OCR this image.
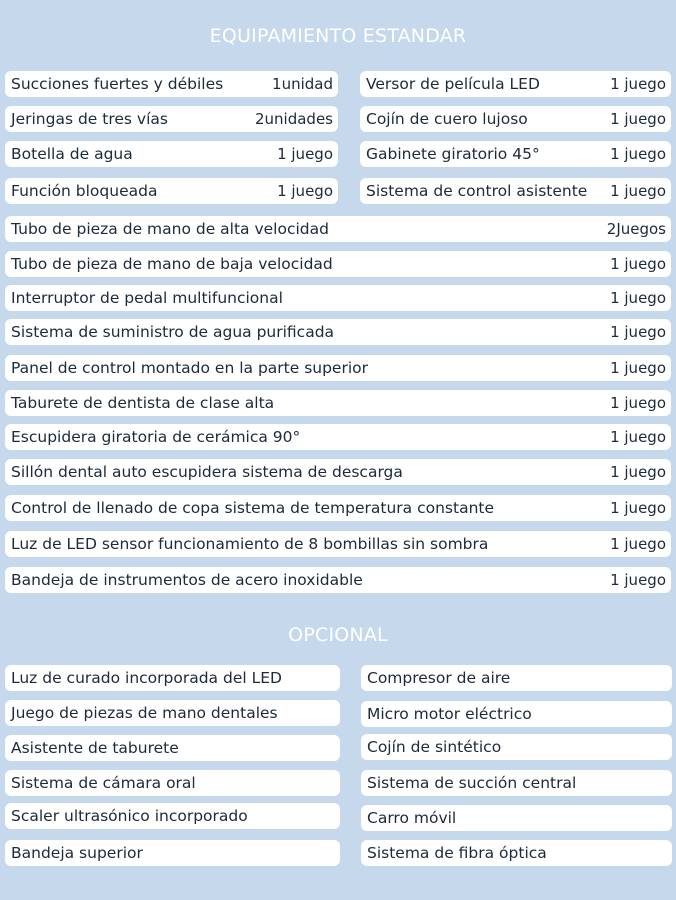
EQUIPAMIENTO ESTANDAR
Succiones fuertes y débiles	1unidad Versor de película LED	1 juego
Jeringas de tres vías	2unidades Cojín de cuero lujoso	1 juego
Botella de agua	1 juego Gabinete giratorio 45°	1 juego
Función bloqueada	1 juego Sistema de control asistente 1 juego
Tubo de pieza de mano de alta velocidad	2Juegos
Tubo de pieza de mano de baja velocidad	1 juego
Interruptor de pedal multifuncional	1 juego
Sistema de suministro de agua purificada	1 juego
Panel de control montado en la parte superior	1 juego
Taburete de dentista de clase alta	1 juego
Escupidera giratoria de cerámica 90°	1 juego
Sillón dental auto escupidera sistema de descarga	1 juego
Control de llenado de copa sistema de temperatura constante	1 juego
Luz de LED sensor funcionamiento de 8 bombillas sin sombra	1 juego
Bandeja de instrumentos de acero inoxidable	1 juego
OPCIONAL
Luz de curado incorporada del LED	Compresor de aire
Juego de piezas de mano dentales	Micro motor eléctrico
Asistente de taburete	Cojín de sintético
Sistema de cámara oral	Sistema de succión central
Scaler ultrasónico incorporado	Carro móvil
Bandeja superior	Sistema de fibra óptica
